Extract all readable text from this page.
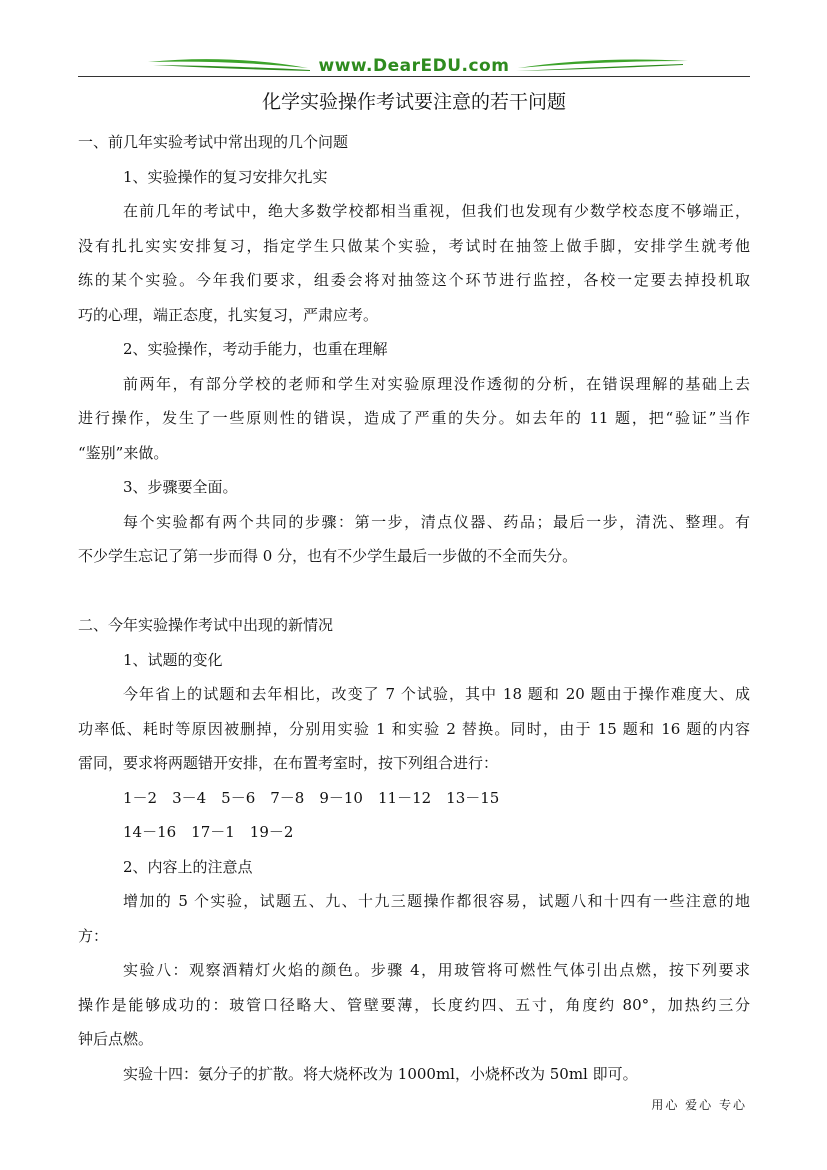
www.DearEDU.com
化学实验操作考试要注意的若干问题
一、前几年实验考试中常出现的几个问题
1、实验操作的复习安排欠扎实
在前几年的考试中，绝大多数学校都相当重视，但我们也发现有少数学校态度不够端正，
没有扎扎实实安排复习，指定学生只做某个实验，考试时在抽签上做手脚，安排学生就考他
练的某个实验。今年我们要求，组委会将对抽签这个环节进行监控，各校一定要去掉投机取
巧的心理，端正态度，扎实复习，严肃应考。
2、实验操作，考动手能力，也重在理解
前两年，有部分学校的老师和学生对实验原理没作透彻的分析，在错误理解的基础上去
进行操作，发生了一些原则性的错误，造成了严重的失分。如去年的 11 题，把“验证”当作
“鉴别”来做。
3、步骤要全面。
每个实验都有两个共同的步骤：第一步，清点仪器、药品；最后一步，清洗、整理。有
不少学生忘记了第一步而得 0 分，也有不少学生最后一步做的不全而失分。
二、今年实验操作考试中出现的新情况
1、试题的变化
今年省上的试题和去年相比，改变了 7 个试验，其中 18 题和 20 题由于操作难度大、成
功率低、耗时等原因被删掉，分别用实验 1 和实验 2 替换。同时，由于 15 题和 16 题的内容
雷同，要求将两题错开安排，在布置考室时，按下列组合进行：
1－2　3－4　5－6　7－8　9－10　11－12　13－15
14－16　17－1　19－2
2、内容上的注意点
增加的 5 个实验，试题五、九、十九三题操作都很容易，试题八和十四有一些注意的地
方：
实验八：观察酒精灯火焰的颜色。步骤 4，用玻管将可燃性气体引出点燃，按下列要求
操作是能够成功的：玻管口径略大、管壁要薄，长度约四、五寸，角度约 80°，加热约三分
钟后点燃。
实验十四：氨分子的扩散。将大烧杯改为 1000ml，小烧杯改为 50ml 即可。
用心 爱心 专心
